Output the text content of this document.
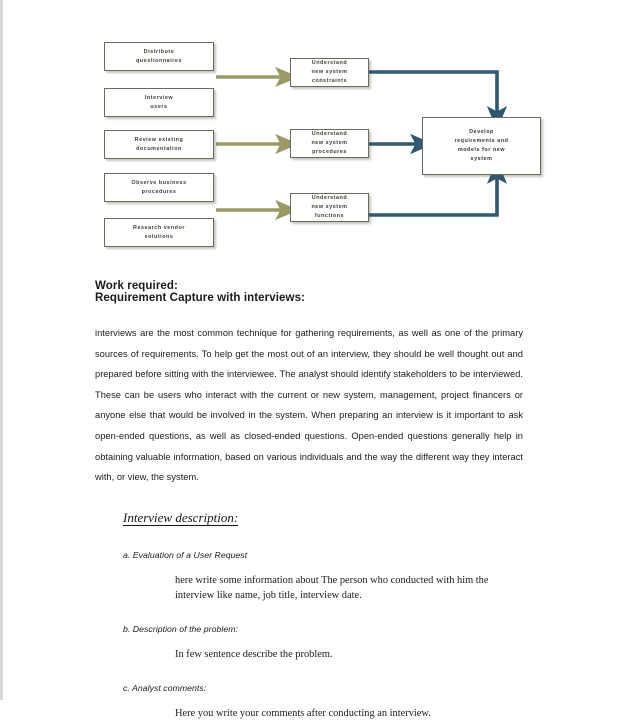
Distribute
questionnaires
Interview
users
Review existing
documentation
Observe business
procedures
Research vendor
solutions
Understand
new system
constraints
Understand
new system
procedures
Understand
new system
functions
Develop
requirements and
models for new
system
Work required:
Requirement Capture with interviews:

interviews are the most common technique for gathering requirements, as well as one of the primary sources of requirements. To help get the most out of an interview, they should be well thought out and prepared before sitting with the interviewee. The analyst should identify stakeholders to be interviewed. These can be users who interact with the current or new system, management, project financers or anyone else that would be involved in the system. When preparing an interview is it important to ask open-ended questions, as well as closed-ended questions. Open-ended questions generally help in obtaining valuable information, based on various individuals and the way the different way they interact with, or view, the system.

Interview description:
a. Evaluation of a User Request
here write some information about The person who conducted with him the interview like name, job title, interview date.
b. Description of the problem:
In few sentence describe the problem.
c. Analyst comments:
Here you write your comments after conducting an interview.
